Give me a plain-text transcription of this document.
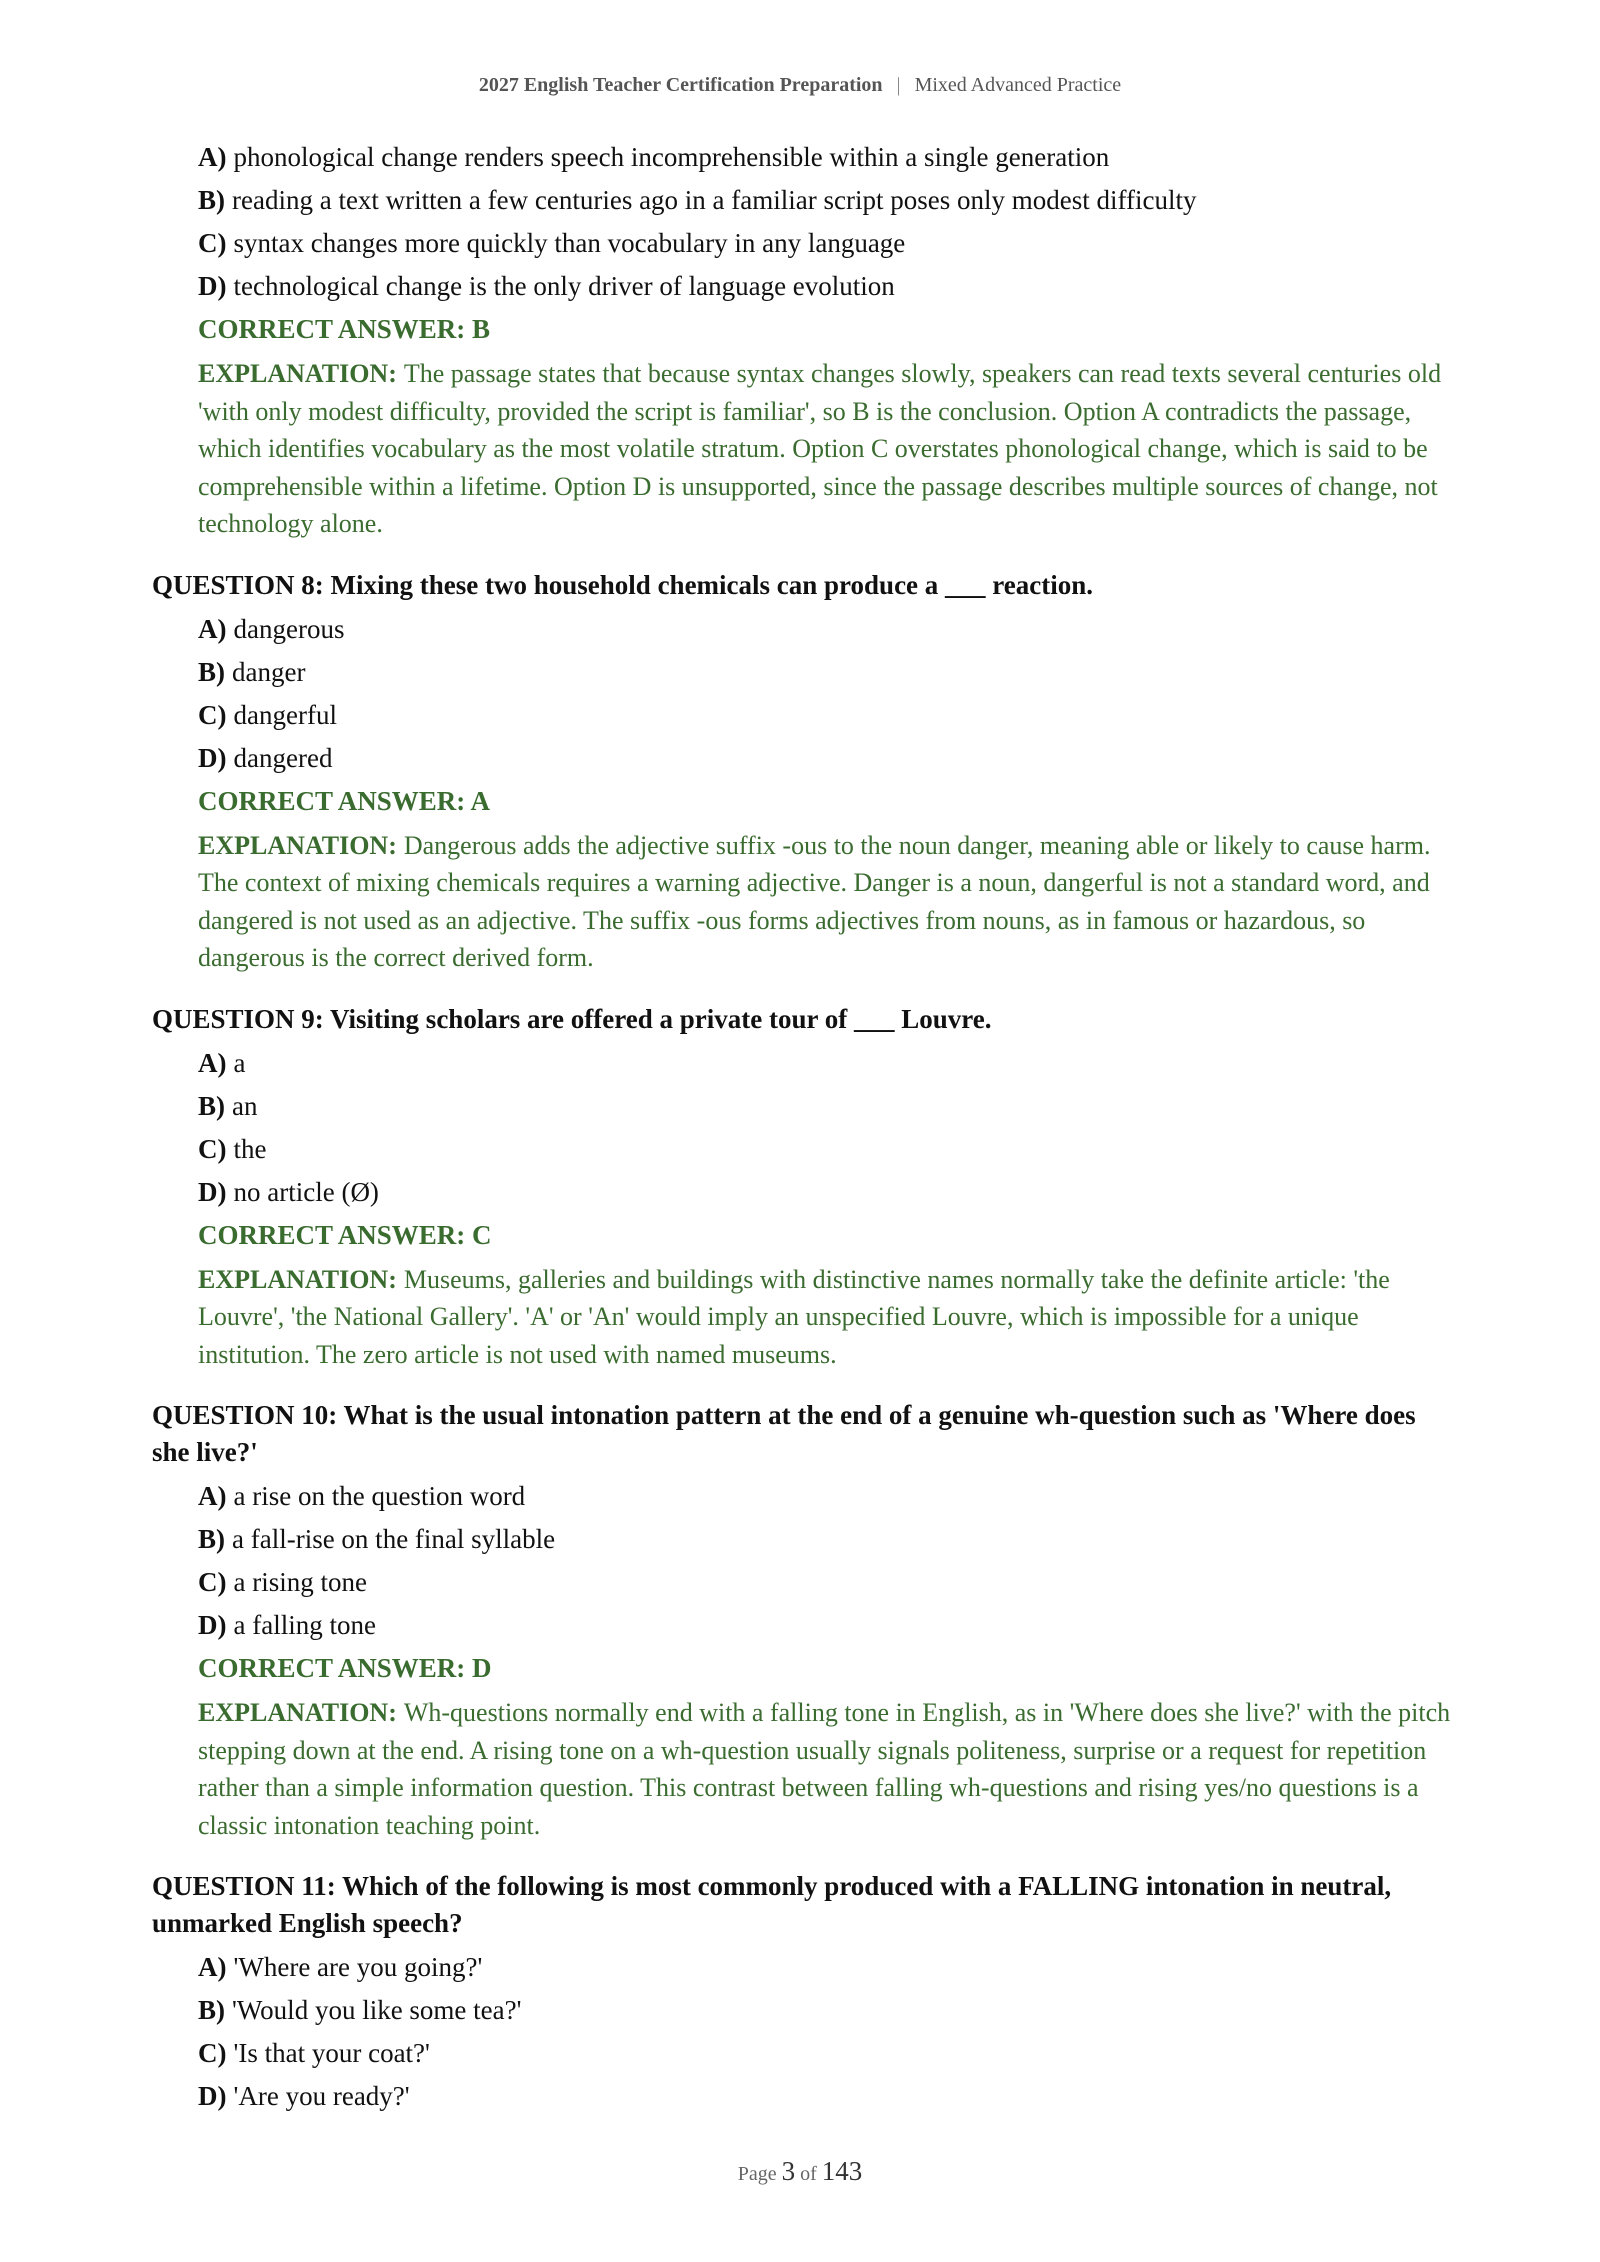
2027 English Teacher Certification Preparation | Mixed Advanced Practice
A) phonological change renders speech incomprehensible within a single generation
B) reading a text written a few centuries ago in a familiar script poses only modest difficulty
C) syntax changes more quickly than vocabulary in any language
D) technological change is the only driver of language evolution
CORRECT ANSWER: B

EXPLANATION: The passage states that because syntax changes slowly, speakers can read texts several centuries old 'with only modest difficulty, provided the script is familiar', so B is the conclusion. Option A contradicts the passage, which identifies vocabulary as the most volatile stratum. Option C overstates phonological change, which is said to be comprehensible within a lifetime. Option D is unsupported, since the passage describes multiple sources of change, not technology alone.

QUESTION 8: Mixing these two household chemicals can produce a ___ reaction.

A) dangerous
B) danger
C) dangerful
D) dangered
CORRECT ANSWER: A

EXPLANATION: Dangerous adds the adjective suffix -ous to the noun danger, meaning able or likely to cause harm. The context of mixing chemicals requires a warning adjective. Danger is a noun, dangerful is not a standard word, and dangered is not used as an adjective. The suffix -ous forms adjectives from nouns, as in famous or hazardous, so dangerous is the correct derived form.

QUESTION 9: Visiting scholars are offered a private tour of ___ Louvre.

A) a
B) an
C) the
D) no article (Ø)
CORRECT ANSWER: C

EXPLANATION: Museums, galleries and buildings with distinctive names normally take the definite article: 'the Louvre', 'the National Gallery'. 'A' or 'An' would imply an unspecified Louvre, which is impossible for a unique institution. The zero article is not used with named museums.

QUESTION 10: What is the usual intonation pattern at the end of a genuine wh-question such as 'Where does she live?'

A) a rise on the question word
B) a fall-rise on the final syllable
C) a rising tone
D) a falling tone
CORRECT ANSWER: D

EXPLANATION: Wh-questions normally end with a falling tone in English, as in 'Where does she live?' with the pitch stepping down at the end. A rising tone on a wh-question usually signals politeness, surprise or a request for repetition rather than a simple information question. This contrast between falling wh-questions and rising yes/no questions is a classic intonation teaching point.

QUESTION 11: Which of the following is most commonly produced with a FALLING intonation in neutral, unmarked English speech?

A) 'Where are you going?'
B) 'Would you like some tea?'
C) 'Is that your coat?'
D) 'Are you ready?'
Page 3 of 143
